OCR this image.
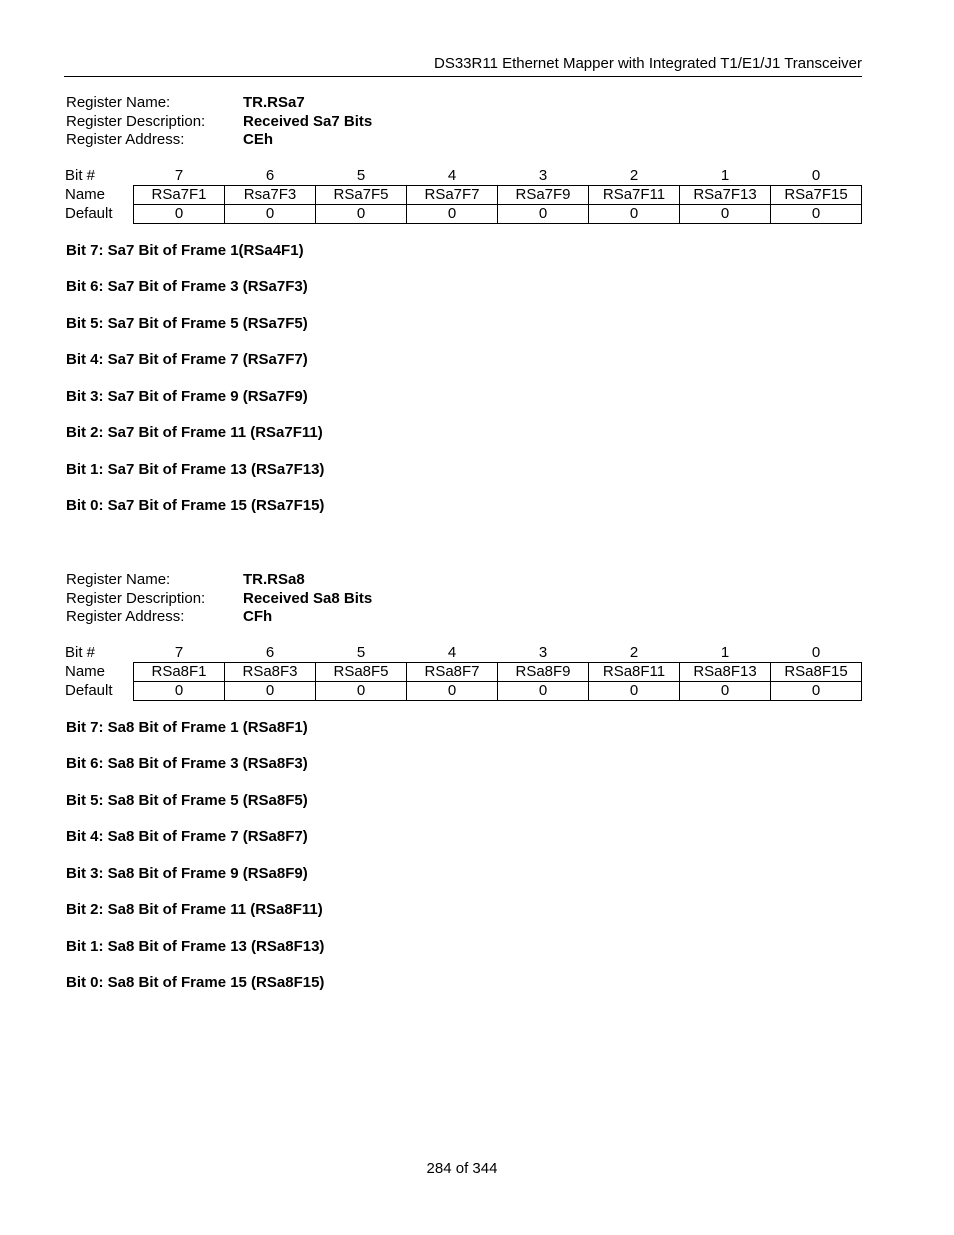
DS33R11 Ethernet Mapper with Integrated T1/E1/J1 Transceiver
Register Name:	TR.RSa7
Register Description:	Received Sa7 Bits
Register Address:	CEh
Bit #	7	6	5	4	3	2	1	0
Name	RSa7F1	Rsa7F3	RSa7F5	RSa7F7	RSa7F9	RSa7F11	RSa7F13	RSa7F15
Default	0	0	0	0	0	0	0	0
Bit 7: Sa7 Bit of Frame 1(RSa4F1)
Bit 6: Sa7 Bit of Frame 3 (RSa7F3)
Bit 5: Sa7 Bit of Frame 5 (RSa7F5)
Bit 4: Sa7 Bit of Frame 7 (RSa7F7)
Bit 3: Sa7 Bit of Frame 9 (RSa7F9)
Bit 2: Sa7 Bit of Frame 11 (RSa7F11)
Bit 1: Sa7 Bit of Frame 13 (RSa7F13)
Bit 0: Sa7 Bit of Frame 15 (RSa7F15)
Register Name:	TR.RSa8
Register Description:	Received Sa8 Bits
Register Address:	CFh
Bit #	7	6	5	4	3	2	1	0
Name	RSa8F1	RSa8F3	RSa8F5	RSa8F7	RSa8F9	RSa8F11	RSa8F13	RSa8F15
Default	0	0	0	0	0	0	0	0
Bit 7: Sa8 Bit of Frame 1 (RSa8F1)
Bit 6: Sa8 Bit of Frame 3 (RSa8F3)
Bit 5: Sa8 Bit of Frame 5 (RSa8F5)
Bit 4: Sa8 Bit of Frame 7 (RSa8F7)
Bit 3: Sa8 Bit of Frame 9 (RSa8F9)
Bit 2: Sa8 Bit of Frame 11 (RSa8F11)
Bit 1: Sa8 Bit of Frame 13 (RSa8F13)
Bit 0: Sa8 Bit of Frame 15 (RSa8F15)
284 of 344
